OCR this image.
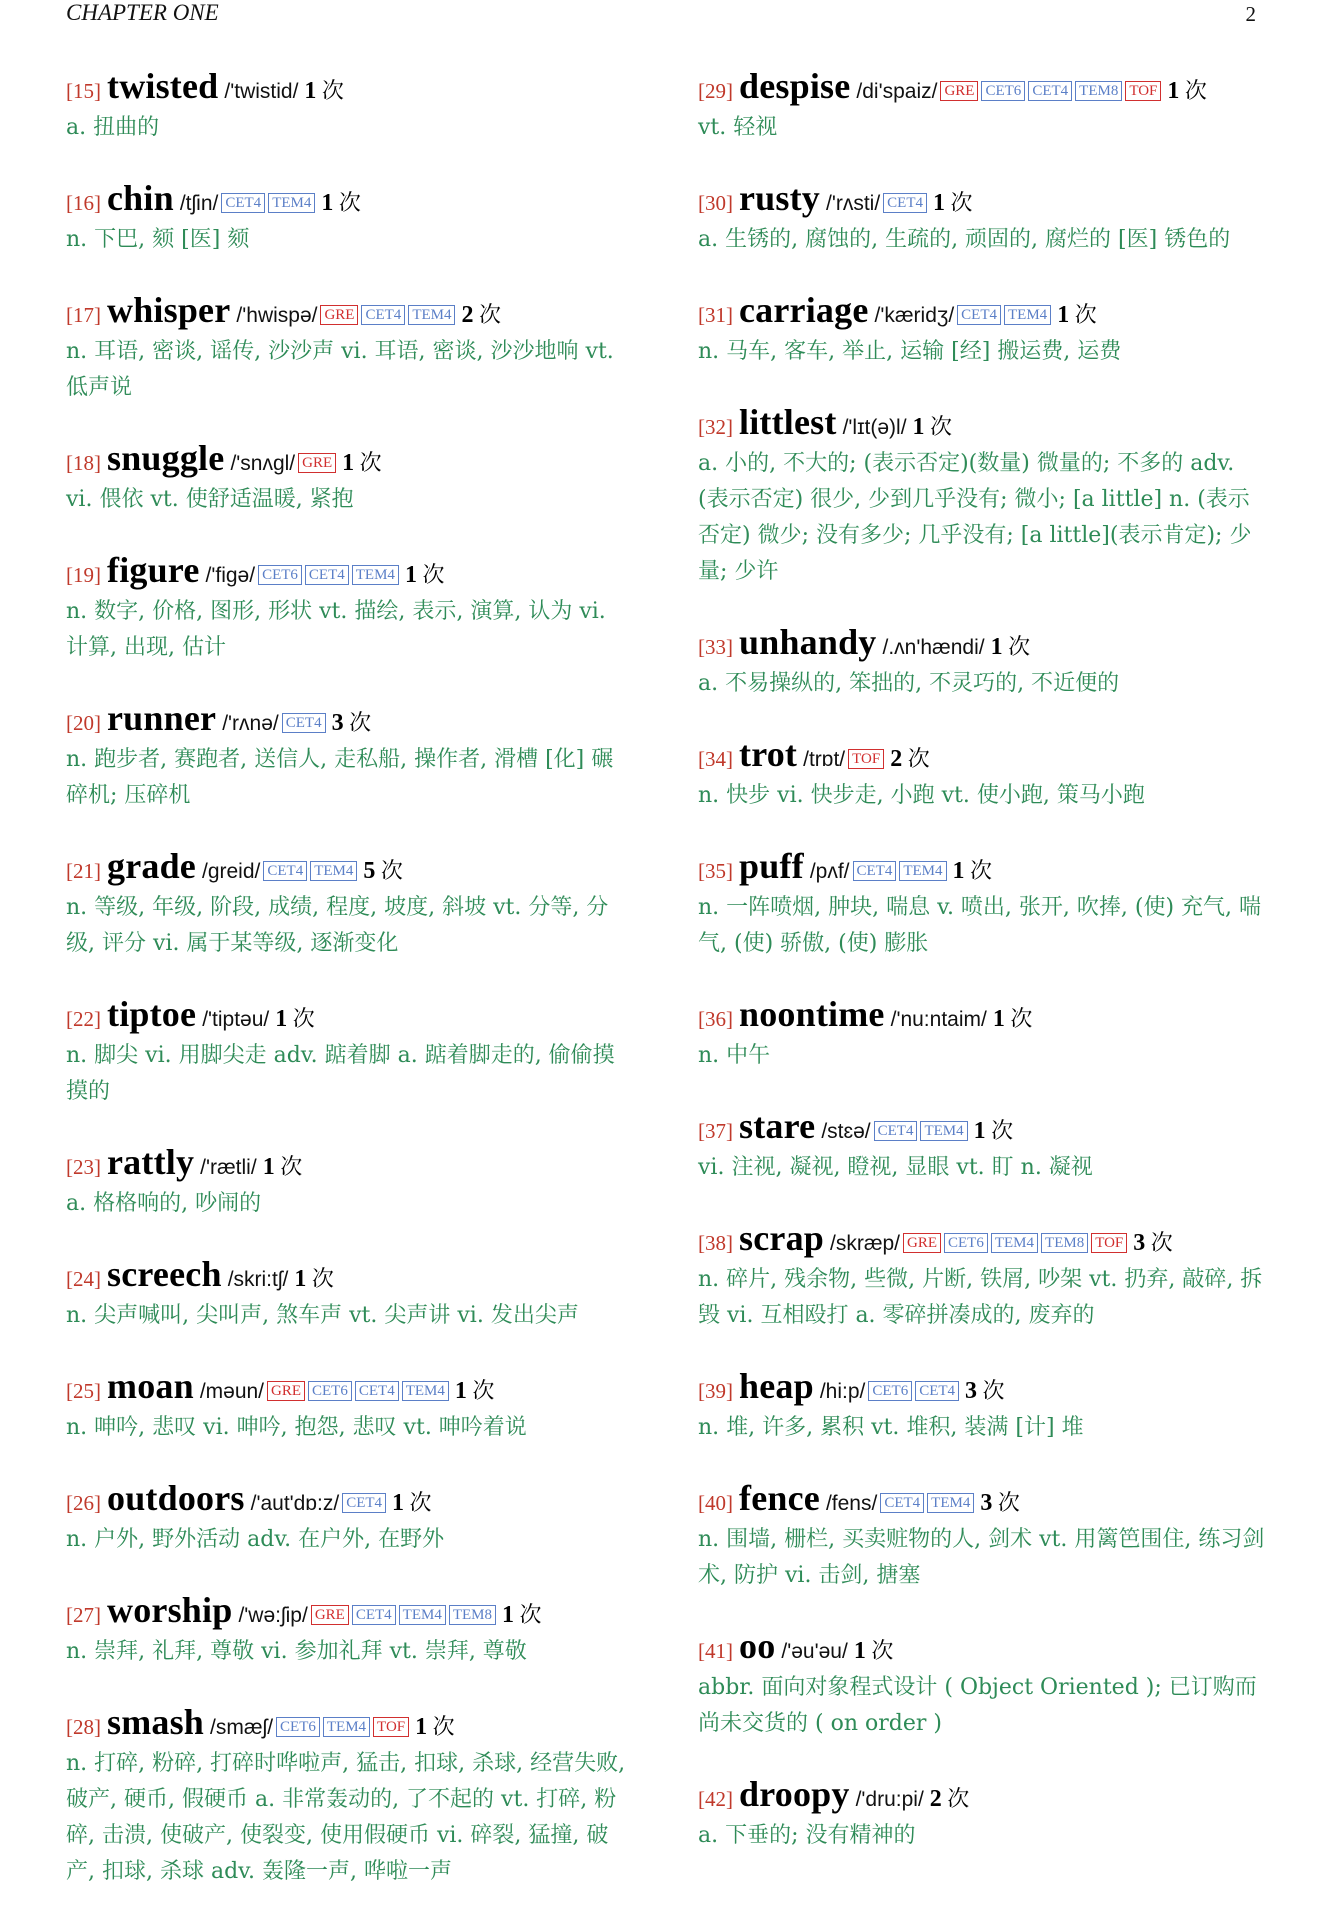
CHAPTER ONE	2
[15] twisted /'twistid/ 1 次
a. 扭曲的
[16] chin /tʃin/ CET4 TEM4 1 次
n. 下巴, 颏 [医] 颏
[17] whisper /'hwispə/ GRE CET4 TEM4 2 次
n. 耳语, 密谈, 谣传, 沙沙声 vi. 耳语, 密谈, 沙沙地响 vt. 低声说
[18] snuggle /'snʌgl/ GRE 1 次
vi. 偎依 vt. 使舒适温暖, 紧抱
[19] figure /'figə/ CET6 CET4 TEM4 1 次
n. 数字, 价格, 图形, 形状 vt. 描绘, 表示, 演算, 认为 vi. 计算, 出现, 估计
[20] runner /'rʌnə/ CET4 3 次
n. 跑步者, 赛跑者, 送信人, 走私船, 操作者, 滑槽 [化] 碾碎机; 压碎机
[21] grade /greid/ CET4 TEM4 5 次
n. 等级, 年级, 阶段, 成绩, 程度, 坡度, 斜坡 vt. 分等, 分级, 评分 vi. 属于某等级, 逐渐变化
[22] tiptoe /'tiptəu/ 1 次
n. 脚尖 vi. 用脚尖走 adv. 踮着脚 a. 踮着脚走的, 偷偷摸摸的
[23] rattly /'rætli/ 1 次
a. 格格响的, 吵闹的
[24] screech /skri:tʃ/ 1 次
n. 尖声喊叫, 尖叫声, 煞车声 vt. 尖声讲 vi. 发出尖声
[25] moan /məun/ GRE CET6 CET4 TEM4 1 次
n. 呻吟, 悲叹 vi. 呻吟, 抱怨, 悲叹 vt. 呻吟着说
[26] outdoors /'aut'dɒ:z/ CET4 1 次
n. 户外, 野外活动 adv. 在户外, 在野外
[27] worship /'wə:ʃip/ GRE CET4 TEM4 TEM8 1 次
n. 崇拜, 礼拜, 尊敬 vi. 参加礼拜 vt. 崇拜, 尊敬
[28] smash /smæʃ/ CET6 TEM4 TOF 1 次
n. 打碎, 粉碎, 打碎时哗啦声, 猛击, 扣球, 杀球, 经营失败, 破产, 硬币, 假硬币 a. 非常轰动的, 了不起的 vt. 打碎, 粉碎, 击溃, 使破产, 使裂变, 使用假硬币 vi. 碎裂, 猛撞, 破产, 扣球, 杀球 adv. 轰隆一声, 哗啦一声
[29] despise /di'spaiz/ GRE CET6 CET4 TEM8 TOF 1 次
vt. 轻视
[30] rusty /'rʌsti/ CET4 1 次
a. 生锈的, 腐蚀的, 生疏的, 顽固的, 腐烂的 [医] 锈色的
[31] carriage /'kæridʒ/ CET4 TEM4 1 次
n. 马车, 客车, 举止, 运输 [经] 搬运费, 运费
[32] littlest /'lɪt(ə)l/ 1 次
a. 小的, 不大的; (表示否定)(数量) 微量的; 不多的 adv. (表示否定) 很少, 少到几乎没有; 微小; [a little] n. (表示否定) 微少; 没有多少; 几乎没有; [a little](表示肯定); 少量; 少许
[33] unhandy /.ʌn'hændi/ 1 次
a. 不易操纵的, 笨拙的, 不灵巧的, 不近便的
[34] trot /trɒt/ TOF 2 次
n. 快步 vi. 快步走, 小跑 vt. 使小跑, 策马小跑
[35] puff /pʌf/ CET4 TEM4 1 次
n. 一阵喷烟, 肿块, 喘息 v. 喷出, 张开, 吹捧, (使) 充气, 喘气, (使) 骄傲, (使) 膨胀
[36] noontime /'nu:ntaim/ 1 次
n. 中午
[37] stare /stɛə/ CET4 TEM4 1 次
vi. 注视, 凝视, 瞪视, 显眼 vt. 盯 n. 凝视
[38] scrap /skræp/ GRE CET6 TEM4 TEM8 TOF 3 次
n. 碎片, 残余物, 些微, 片断, 铁屑, 吵架 vt. 扔弃, 敲碎, 拆毁 vi. 互相殴打 a. 零碎拼凑成的, 废弃的
[39] heap /hi:p/ CET6 CET4 3 次
n. 堆, 许多, 累积 vt. 堆积, 装满 [计] 堆
[40] fence /fens/ CET4 TEM4 3 次
n. 围墙, 栅栏, 买卖赃物的人, 剑术 vt. 用篱笆围住, 练习剑术, 防护 vi. 击剑, 搪塞
[41] oo /'əu'əu/ 1 次
abbr. 面向对象程式设计 ( Object Oriented ); 已订购而尚未交货的 ( on order )
[42] droopy /'dru:pi/ 2 次
a. 下垂的; 没有精神的
